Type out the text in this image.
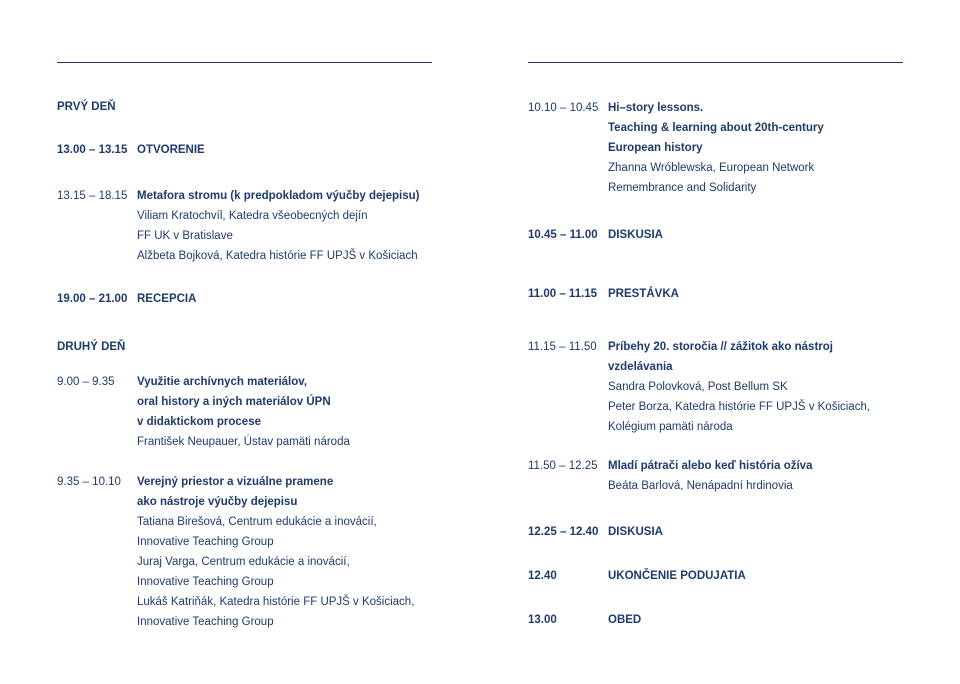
PRVÝ DEŇ
13.00 – 13.15 OTVORENIE
13.15 – 18.15 Metafora stromu (k predpokladom výučby dejepisu)
Viliam Kratochvíl, Katedra všeobecných dejín
FF UK v Bratislave
Alžbeta Bojková, Katedra histórie FF UPJŠ v Košiciach
19.00 – 21.00 RECEPCIA
DRUHÝ DEŇ
9.00 – 9.35	Využitie archívnych materiálov,
oral history a iných materiálov ÚPN
v didaktickom procese
František Neupauer, Ústav pamäti národa
9.35 – 10.10	Verejný priestor a vizuálne pramene
ako nástroje výučby dejepisu
Tatiana Birešová, Centrum edukácie a inovácií,
Innovative Teaching Group
Juraj Varga, Centrum edukácie a inovácií,
Innovative Teaching Group
Lukáš Katriňák, Katedra histórie FF UPJŠ v Košiciach,
Innovative Teaching Group
10.10 – 10.45 Hi–story lessons.
Teaching & learning about 20th-century
European history
Zhanna Wróblewska, European Network
Remembrance and Solidarity
10.45 – 11.00 DISKUSIA
11.00 – 11.15 PRESTÁVKA
11.15 – 11.50 Príbehy 20. storočia // zážitok ako nástroj
vzdelávania
Sandra Polovková, Post Bellum SK
Peter Borza, Katedra histórie FF UPJŠ v Košiciach,
Kolégium pamäti národa
11.50 – 12.25 Mladí pátrači alebo keď história ožíva
Beáta Barlová, Nenápadní hrdinovia
12.25 – 12.40 DISKUSIA
12.40	UKONČENIE PODUJATIA
13.00	OBED
